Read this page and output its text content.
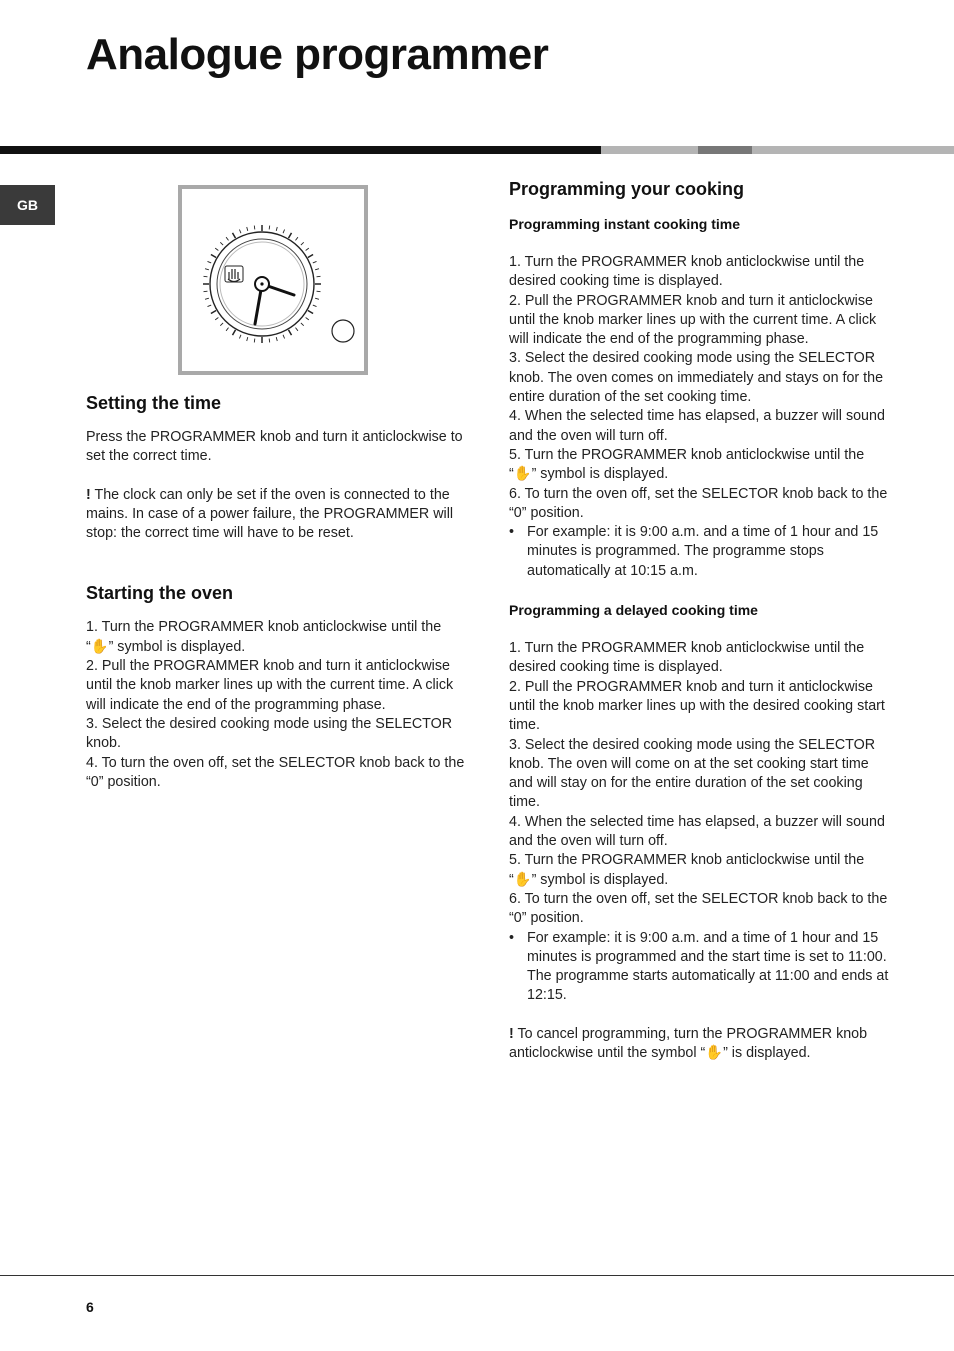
Analogue programmer
GB
Setting the time

Press the PROGRAMMER knob and turn it anticlockwise to set the correct time.

! The clock can only be set if the oven is connected to the mains. In case of a power failure, the PROGRAMMER will stop: the correct time will have to be reset.

Starting the oven

1. Turn the PROGRAMMER knob anticlockwise until the “✋” symbol is displayed.

2. Pull the PROGRAMMER knob and turn it anticlockwise until the knob marker lines up with the current time. A click will indicate the end of the programming phase.

3. Select the desired cooking mode using the SELECTOR knob.

4. To turn the oven off, set the SELECTOR knob back to the “0” position.

Programming your cooking
Programming instant cooking time

1. Turn the PROGRAMMER knob anticlockwise until the desired cooking time is displayed.

2. Pull the PROGRAMMER knob and turn it anticlockwise until the knob marker lines up with the current time. A click will indicate the end of the programming phase.

3. Select the desired cooking mode using the SELECTOR knob. The oven comes on immediately and stays on for the entire duration of the set cooking time.

4. When the selected time has elapsed, a buzzer will sound and the oven will turn off.

5. Turn the PROGRAMMER knob anticlockwise until the “✋” symbol is displayed.

6. To turn the oven off, set the SELECTOR knob back to the “0” position.

• For example: it is 9:00 a.m. and a time of 1 hour and 15 minutes is programmed. The programme stops automatically at 10:15 a.m.

Programming a delayed cooking time

1. Turn the PROGRAMMER knob anticlockwise until the desired cooking time is displayed.

2. Pull the PROGRAMMER knob and turn it anticlockwise until the knob marker lines up with the desired cooking start time.

3. Select the desired cooking mode using the SELECTOR knob. The oven will come on at the set cooking start time and will stay on for the entire duration of the set cooking time.

4. When the selected time has elapsed, a buzzer will sound and the oven will turn off.

5. Turn the PROGRAMMER knob anticlockwise until the “✋” symbol is displayed.

6. To turn the oven off, set the SELECTOR knob back to the “0” position.

• For example: it is 9:00 a.m. and a time of 1 hour and 15 minutes is programmed and the start time is set to 11:00. The programme starts automatically at 11:00 and ends at 12:15.

! To cancel programming, turn the PROGRAMMER knob anticlockwise until the symbol “✋” is displayed.

6
